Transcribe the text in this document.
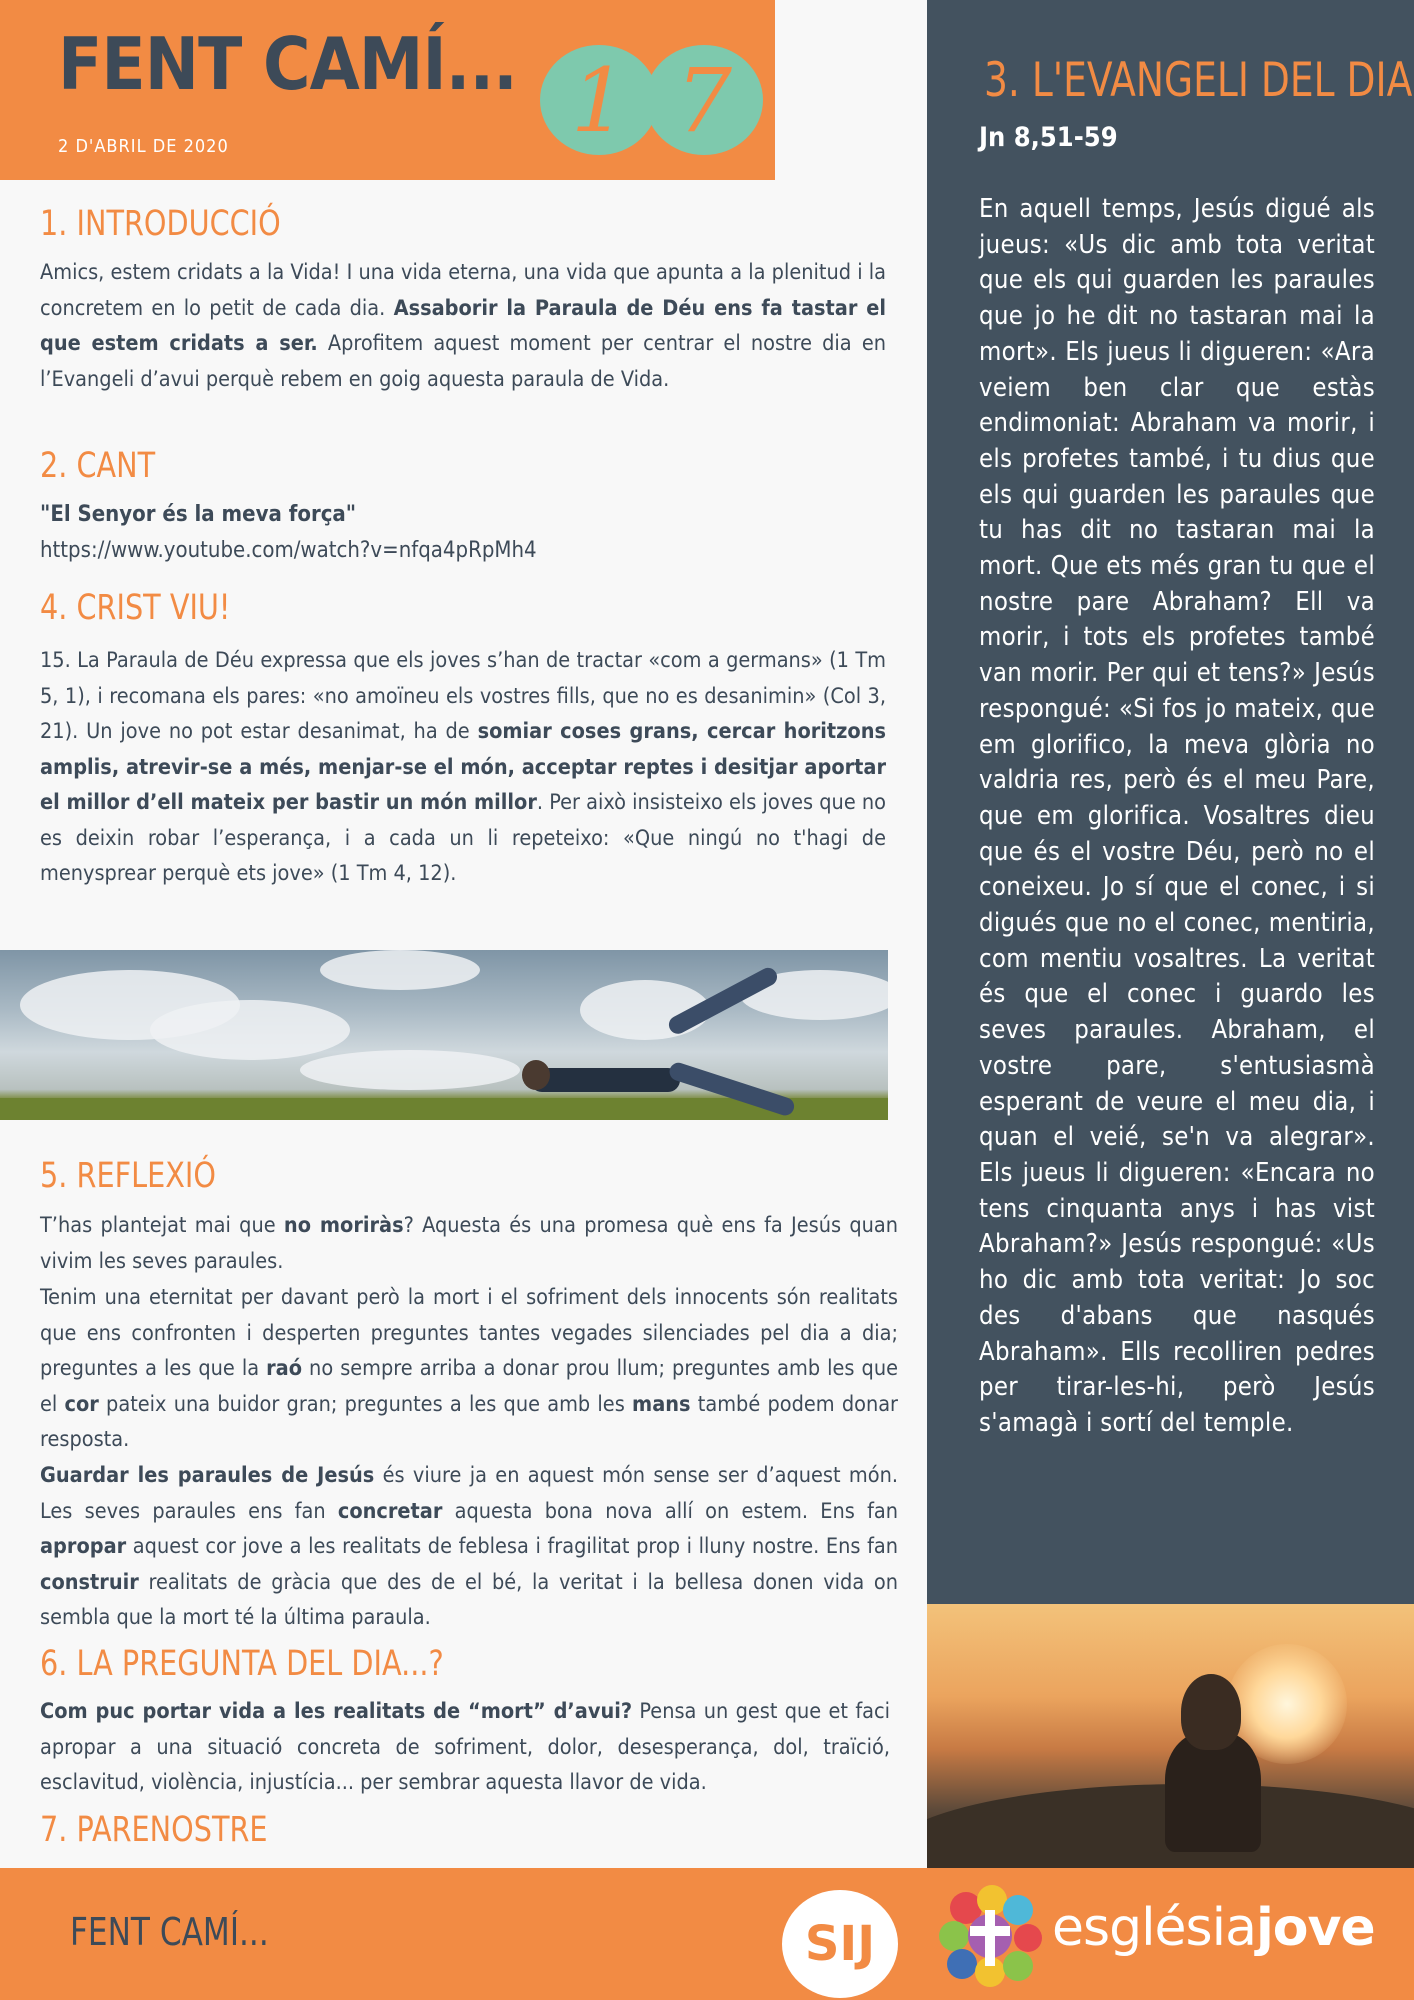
FENT CAMÍ...
2 D'ABRIL DE 2020	1 7
1. INTRODUCCIÓ

Amics, estem cridats a la Vida! I una vida eterna, una vida que apunta a la plenitud i la concretem en lo petit de cada dia. Assaborir la Paraula de Déu ens fa tastar el que estem cridats a ser. Aprofitem aquest moment per centrar el nostre dia en l’Evangeli d’avui perquè rebem en goig aquesta paraula de Vida.

2. CANT
"El Senyor és la meva força"
https://www.youtube.com/watch?v=nfqa4pRpMh4
4. CRIST VIU!

15. La Paraula de Déu expressa que els joves s’han de tractar «com a germans» (1 Tm 5, 1), i recomana els pares: «no amoïneu els vostres fills, que no es desanimin» (Col 3, 21). Un jove no pot estar desanimat, ha de somiar coses grans, cercar horitzons amplis, atrevir-se a més, menjar-se el món, acceptar reptes i desitjar aportar el millor d’ell mateix per bastir un món millor. Per això insisteixo els joves que no es deixin robar l’esperança, i a cada un li repeteixo: «Que ningú no t'hagi de menysprear perquè ets jove» (1 Tm 4, 12).

5. REFLEXIÓ

T’has plantejat mai que no moriràs? Aquesta és una promesa què ens fa Jesús quan vivim les seves paraules.

Tenim una eternitat per davant però la mort i el sofriment dels innocents són realitats que ens confronten i desperten preguntes tantes vegades silenciades pel dia a dia; preguntes a les que la raó no sempre arriba a donar prou llum; preguntes amb les que el cor pateix una buidor gran; preguntes a les que amb les mans també podem donar resposta.

Guardar les paraules de Jesús és viure ja en aquest món sense ser d’aquest món. Les seves paraules ens fan concretar aquesta bona nova allí on estem. Ens fan apropar aquest cor jove a les realitats de feblesa i fragilitat prop i lluny nostre. Ens fan construir realitats de gràcia que des de el bé, la veritat i la bellesa donen vida on sembla que la mort té la última paraula.

6. LA PREGUNTA DEL DIA...?

Com puc portar vida a les realitats de “mort” d’avui? Pensa un gest que et faci apropar a una situació concreta de sofriment, dolor, desesperança, dol, traïció, esclavitud, violència, injustícia... per sembrar aquesta llavor de vida.

7. PARENOSTRE
3. L'EVANGELI DEL DIA
Jn 8,51-59

En aquell temps, Jesús digué als jueus: «Us dic amb tota veritat que els qui guarden les paraules que jo he dit no tastaran mai la mort». Els jueus li digueren: «Ara veiem ben clar que estàs endimoniat: Abraham va morir, i els profetes també, i tu dius que els qui guarden les paraules que tu has dit no tastaran mai la mort. Que ets més gran tu que el nostre pare Abraham? Ell va morir, i tots els profetes també van morir. Per qui et tens?» Jesús respongué: «Si fos jo mateix, que em glorifico, la meva glòria no valdria res, però és el meu Pare, que em glorifica. Vosaltres dieu que és el vostre Déu, però no el coneixeu. Jo sí que el conec, i si digués que no el conec, mentiria, com mentiu vosaltres. La veritat és que el conec i guardo les seves paraules. Abraham, el vostre pare, s'entusiasmà esperant de veure el meu dia, i quan el veié, se'n va alegrar». Els jueus li digueren: «Encara no tens cinquanta anys i has vist Abraham?» Jesús respongué: «Us ho dic amb tota veritat: Jo soc des d'abans que nasqués Abraham». Ells recolliren pedres per tirar-les-hi, però Jesús s'amagà i sortí del temple.

FENT CAMÍ...	SIJ	esglésiajove
